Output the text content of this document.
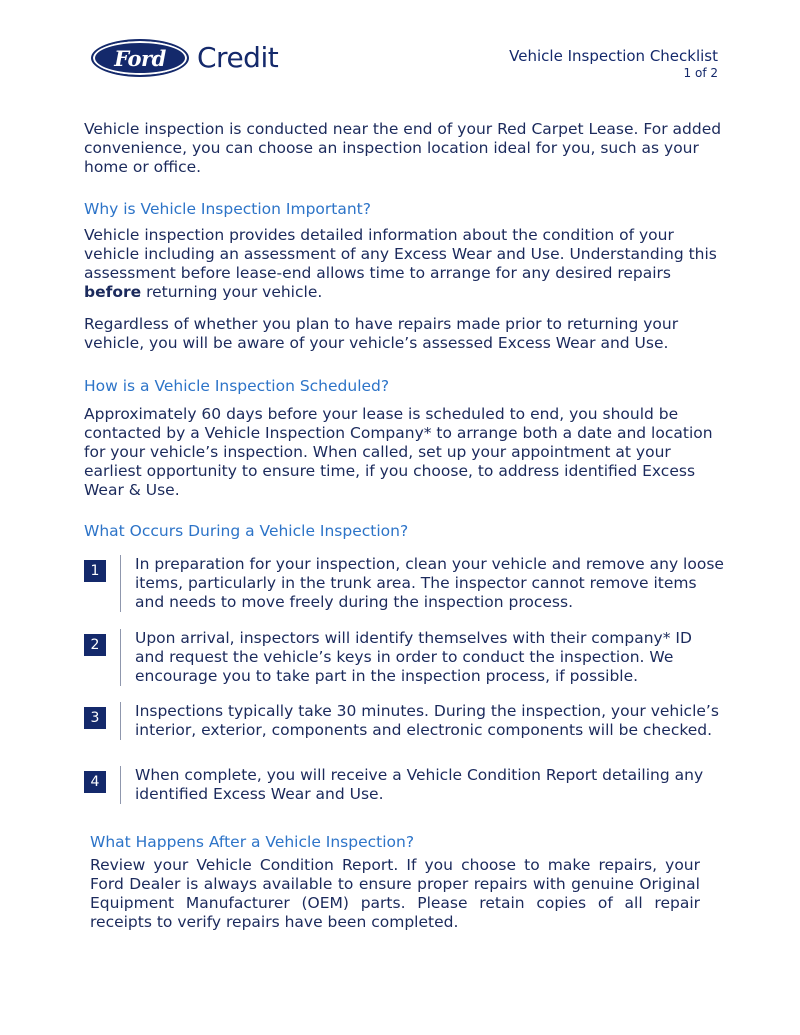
Ford Credit	Vehicle Inspection Checklist
1 of 2

Vehicle inspection is conducted near the end of your Red Carpet Lease. For added convenience, you can choose an inspection location ideal for you, such as your home or office.

Why is Vehicle Inspection Important?

Vehicle inspection provides detailed information about the condition of your vehicle including an assessment of any Excess Wear and Use. Understanding this assessment before lease-end allows time to arrange for any desired repairs before returning your vehicle.

Regardless of whether you plan to have repairs made prior to returning your vehicle, you will be aware of your vehicle’s assessed Excess Wear and Use.

How is a Vehicle Inspection Scheduled?

Approximately 60 days before your lease is scheduled to end, you should be contacted by a Vehicle Inspection Company* to arrange both a date and location for your vehicle’s inspection. When called, set up your appointment at your earliest opportunity to ensure time, if you choose, to address identified Excess Wear & Use.

What Occurs During a Vehicle Inspection?
1	In preparation for your inspection, clean your vehicle and remove any loose items, particularly in the trunk area. The inspector cannot remove items and needs to move freely during the inspection process.
2	Upon arrival, inspectors will identify themselves with their company* ID and request the vehicle’s keys in order to conduct the inspection. We encourage you to take part in the inspection process, if possible.
3	Inspections typically take 30 minutes. During the inspection, your vehicle’s interior, exterior, components and electronic components will be checked.
4	When complete, you will receive a Vehicle Condition Report detailing any identified Excess Wear and Use.
What Happens After a Vehicle Inspection?

Review your Vehicle Condition Report. If you choose to make repairs, your Ford Dealer is always available to ensure proper repairs with genuine Original Equipment Manufacturer (OEM) parts. Please retain copies of all repair receipts to verify repairs have been completed.
